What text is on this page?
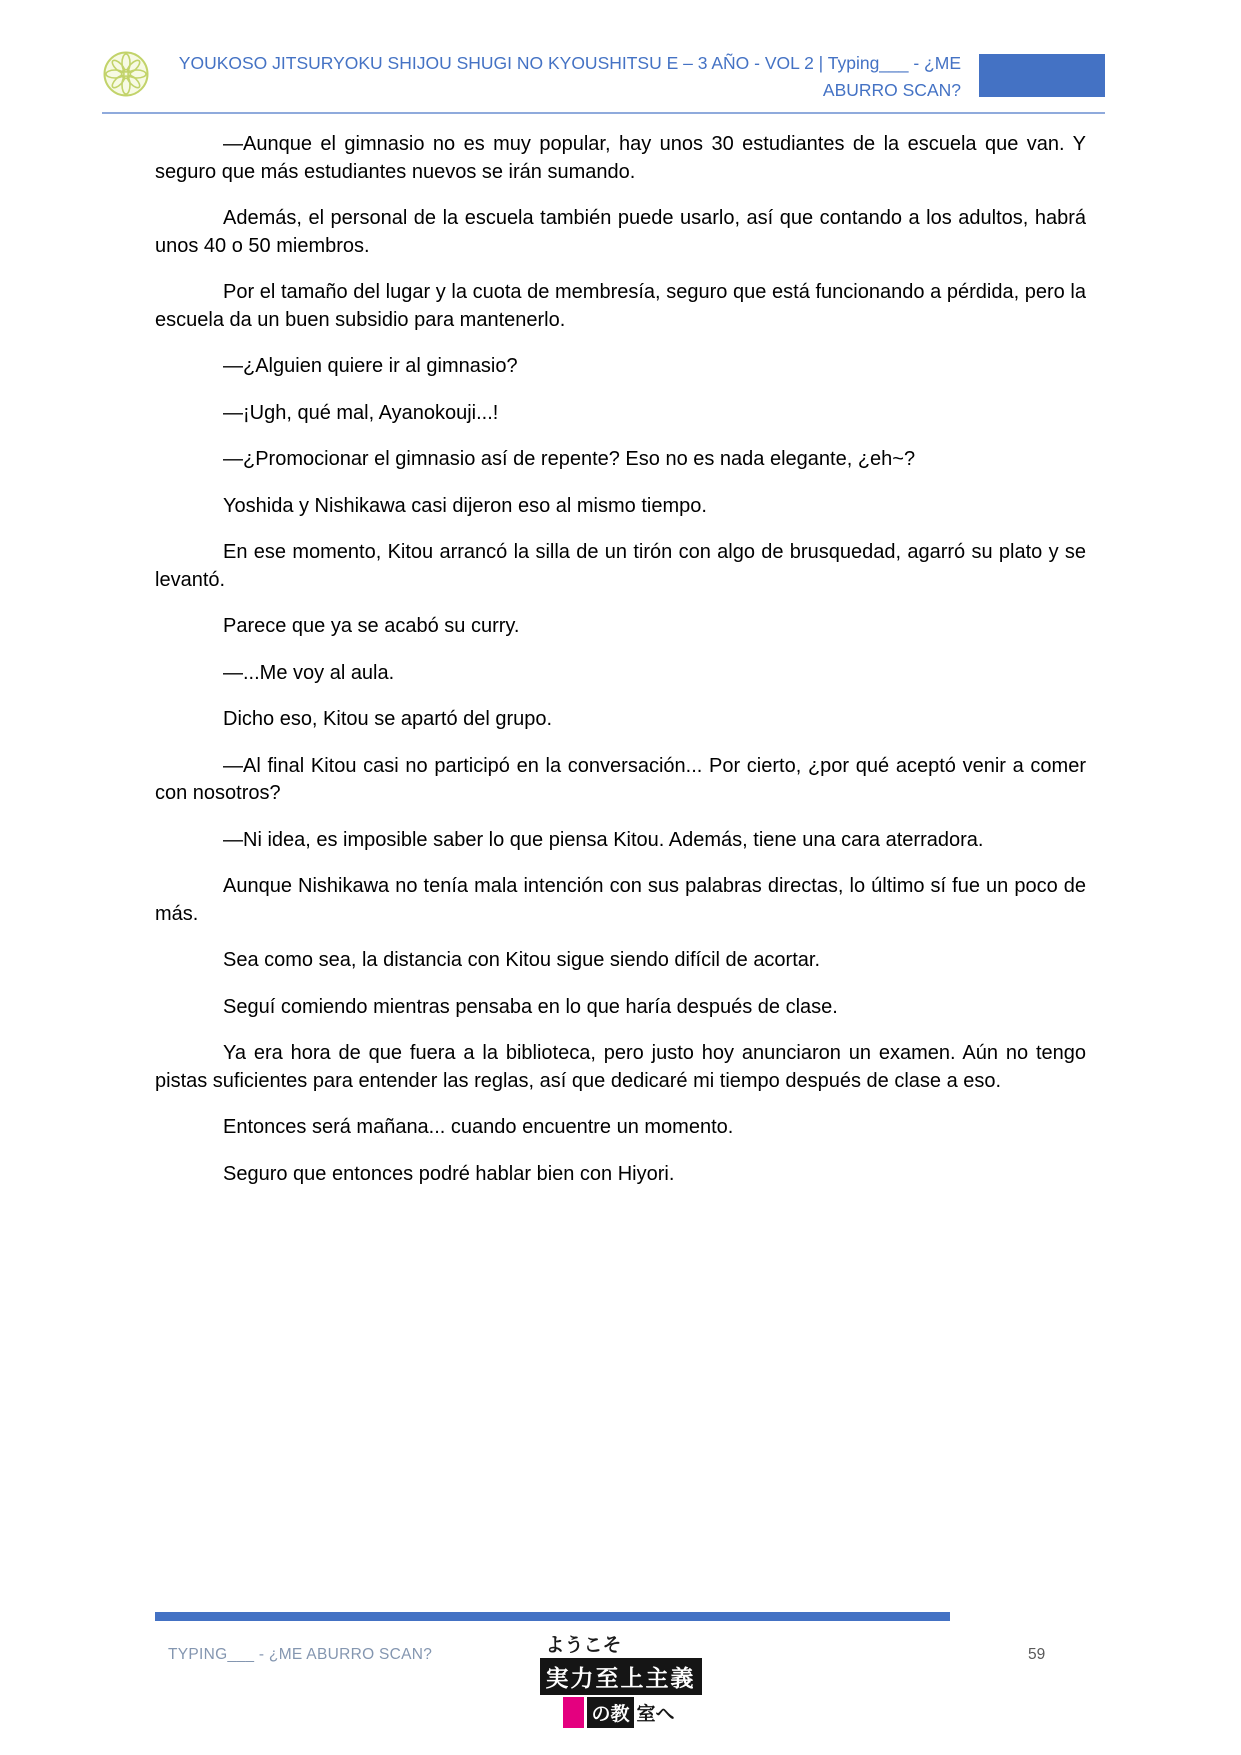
YOUKOSO JITSURYOKU SHIJOU SHUGI NO KYOUSHITSU E – 3 AÑO - VOL 2 | Typing___ - ¿ME ABURRO SCAN?

—Aunque el gimnasio no es muy popular, hay unos 30 estudiantes de la escuela que van. Y seguro que más estudiantes nuevos se irán sumando.

Además, el personal de la escuela también puede usarlo, así que contando a los adultos, habrá unos 40 o 50 miembros.

Por el tamaño del lugar y la cuota de membresía, seguro que está funcionando a pérdida, pero la escuela da un buen subsidio para mantenerlo.

—¿Alguien quiere ir al gimnasio?

—¡Ugh, qué mal, Ayanokouji...!

—¿Promocionar el gimnasio así de repente? Eso no es nada elegante, ¿eh~?

Yoshida y Nishikawa casi dijeron eso al mismo tiempo.

En ese momento, Kitou arrancó la silla de un tirón con algo de brusquedad, agarró su plato y se levantó.

Parece que ya se acabó su curry.

—...Me voy al aula.

Dicho eso, Kitou se apartó del grupo.

—Al final Kitou casi no participó en la conversación... Por cierto, ¿por qué aceptó venir a comer con nosotros?

—Ni idea, es imposible saber lo que piensa Kitou. Además, tiene una cara aterradora.

Aunque Nishikawa no tenía mala intención con sus palabras directas, lo último sí fue un poco de más.

Sea como sea, la distancia con Kitou sigue siendo difícil de acortar.

Seguí comiendo mientras pensaba en lo que haría después de clase.

Ya era hora de que fuera a la biblioteca, pero justo hoy anunciaron un examen. Aún no tengo pistas suficientes para entender las reglas, así que dedicaré mi tiempo después de clase a eso.

Entonces será mañana... cuando encuentre un momento.

Seguro que entonces podré hablar bien con Hiyori.

TYPING___ - ¿ME ABURRO SCAN?	ようこそ
実力至上主義
の教 室へ
59
